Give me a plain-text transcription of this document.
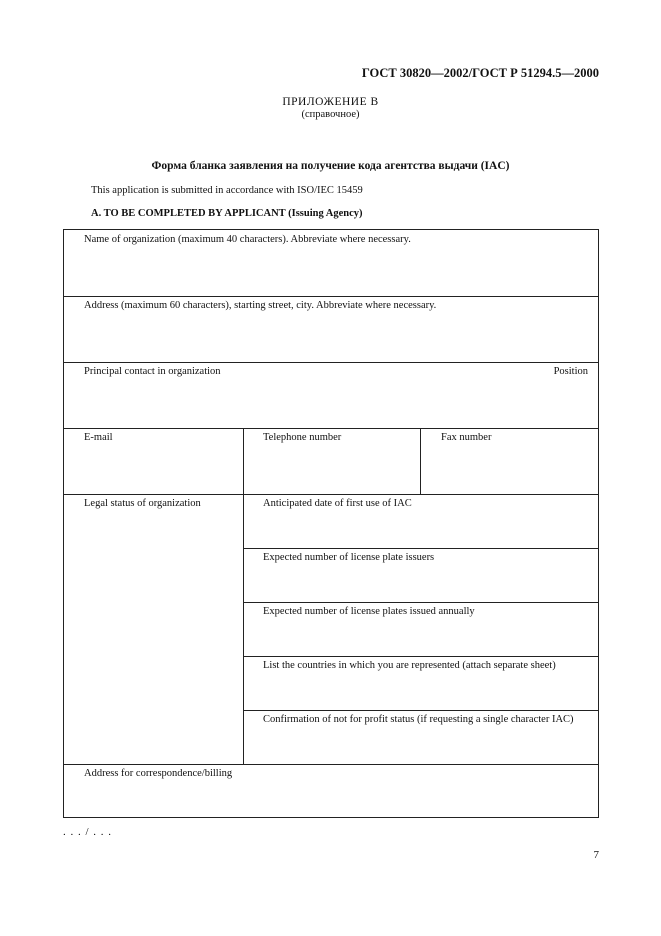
ГОСТ 30820—2002/ГОСТ Р 51294.5—2000
ПРИЛОЖЕНИЕ В
(справочное)
Форма бланка заявления на получение кода агентства выдачи (IAC)
This application is submitted in accordance with ISO/IEC 15459
A. TO BE COMPLETED BY APPLICANT (Issuing Agency)
Name of organization (maximum 40 characters). Abbreviate where necessary.
Address (maximum 60 characters), starting street, city. Abbreviate where necessary.
Principal contact in organization	Position
E-mail	Telephone number	Fax number
Legal status of organization	Anticipated date of first use of IAC
Expected number of license plate issuers
Expected number of license plates issued annually
List the countries in which you are represented (attach separate sheet)
Confirmation of not for profit status (if requesting a single character IAC)
Address for correspondence/billing
. . . / . . .
7
